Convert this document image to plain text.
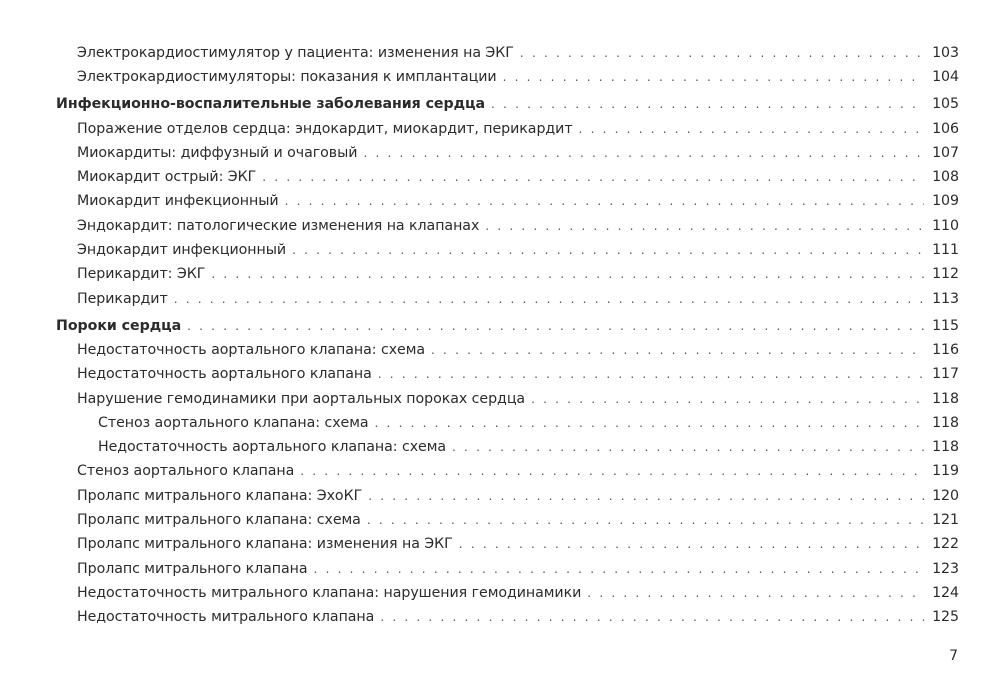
Электрокардиостимулятор у пациента: изменения на ЭКГ . . .	103
Электрокардиостимуляторы: показания к имплантации . . .	104
Инфекционно-воспалительные заболевания сердца . . .	105
Поражение отделов сердца: эндокардит, миокардит, перикардит . . .	106
Миокардиты: диффузный и очаговый . . .	107
Миокардит острый: ЭКГ . . .	108
Миокардит инфекционный . . .	109
Эндокардит: патологические изменения на клапанах . . .	110
Эндокардит инфекционный . . .	111
Перикардит: ЭКГ . . .	112
Перикардит . . .	113
Пороки сердца . . .	115
Недостаточность аортального клапана: схема . . .	116
Недостаточность аортального клапана . . .	117
Нарушение гемодинамики при аортальных пороках сердца . . .	118
Стеноз аортального клапана: схема . . .	118
Недостаточность аортального клапана: схема . . .	118
Стеноз аортального клапана . . .	119
Пролапс митрального клапана: ЭхоКГ . . .	120
Пролапс митрального клапана: схема . . .	121
Пролапс митрального клапана: изменения на ЭКГ . . .	122
Пролапс митрального клапана . . .	123
Недостаточность митрального клапана: нарушения гемодинамики . . .	124
Недостаточность митрального клапана . . .	125
7
